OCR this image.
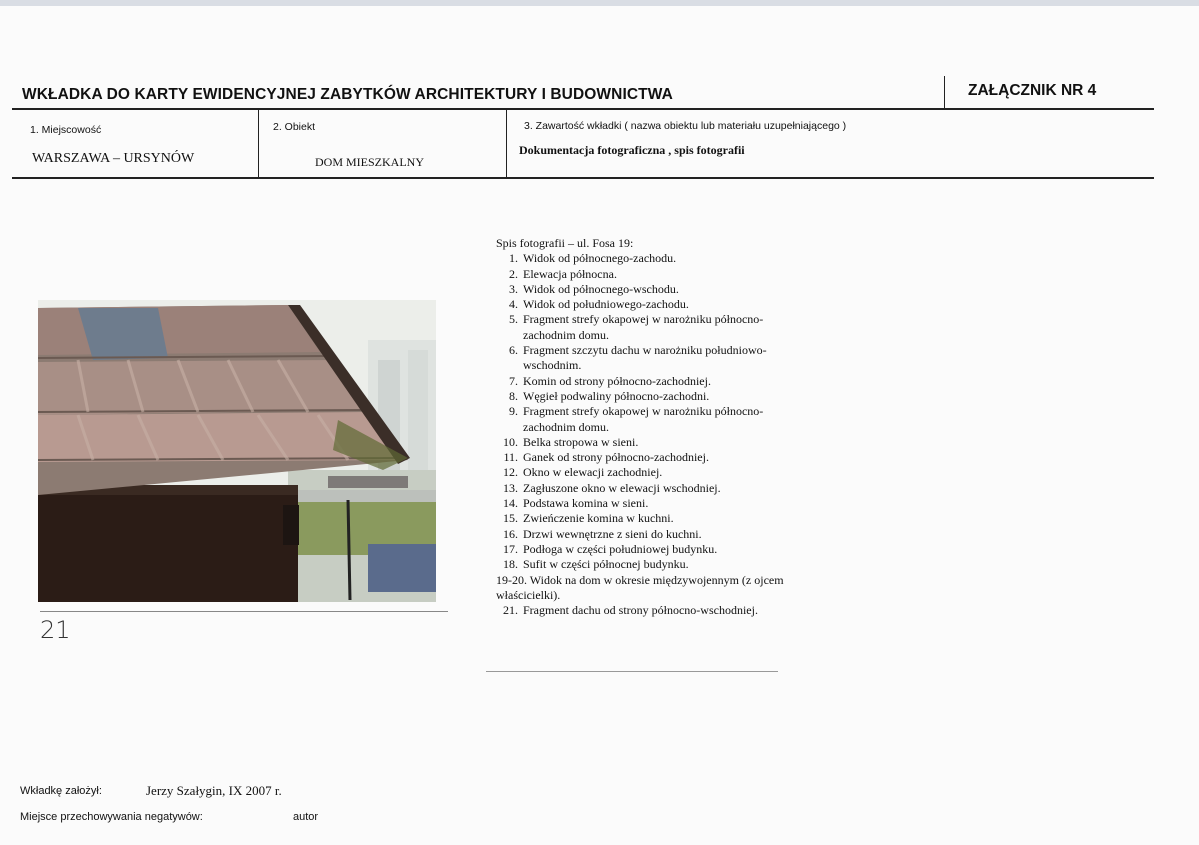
WKŁADKA DO KARTY EWIDENCYJNEJ ZABYTKÓW ARCHITEKTURY I BUDOWNICTWA	ZAŁĄCZNIK NR 4
1. Miejscowość
WARSZAWA – URSYNÓW
2. Obiekt
DOM MIESZKALNY
3. Zawartość wkładki ( nazwa obiektu lub materiału uzupełniającego )
Dokumentacja fotograficzna , spis fotografii
21
Spis fotografii – ul. Fosa 19:
1. Widok od północnego-zachodu.
2. Elewacja północna.
3. Widok od północnego-wschodu.
4. Widok od południowego-zachodu.
5. Fragment strefy okapowej w narożniku północno-zachodnim domu.
6. Fragment szczytu dachu w narożniku południowo-wschodnim.
7. Komin od strony północno-zachodniej.
8. Węgieł podwaliny północno-zachodni.
9. Fragment strefy okapowej w narożniku północno-zachodnim domu.
10. Belka stropowa w sieni.
11. Ganek od strony północno-zachodniej.
12. Okno w elewacji zachodniej.
13. Zagłuszone okno w elewacji wschodniej.
14. Podstawa komina w sieni.
15. Zwieńczenie komina w kuchni.
16. Drzwi wewnętrzne z sieni do kuchni.
17. Podłoga w części południowej budynku.
18. Sufit w części północnej budynku.
19-20. Widok na dom w okresie międzywojennym (z ojcem właścicielki).
21. Fragment dachu od strony północno-wschodniej.
Wkładkę założył:	Jerzy Szałygin, IX 2007 r.
Miejsce przechowywania negatywów:	autor
